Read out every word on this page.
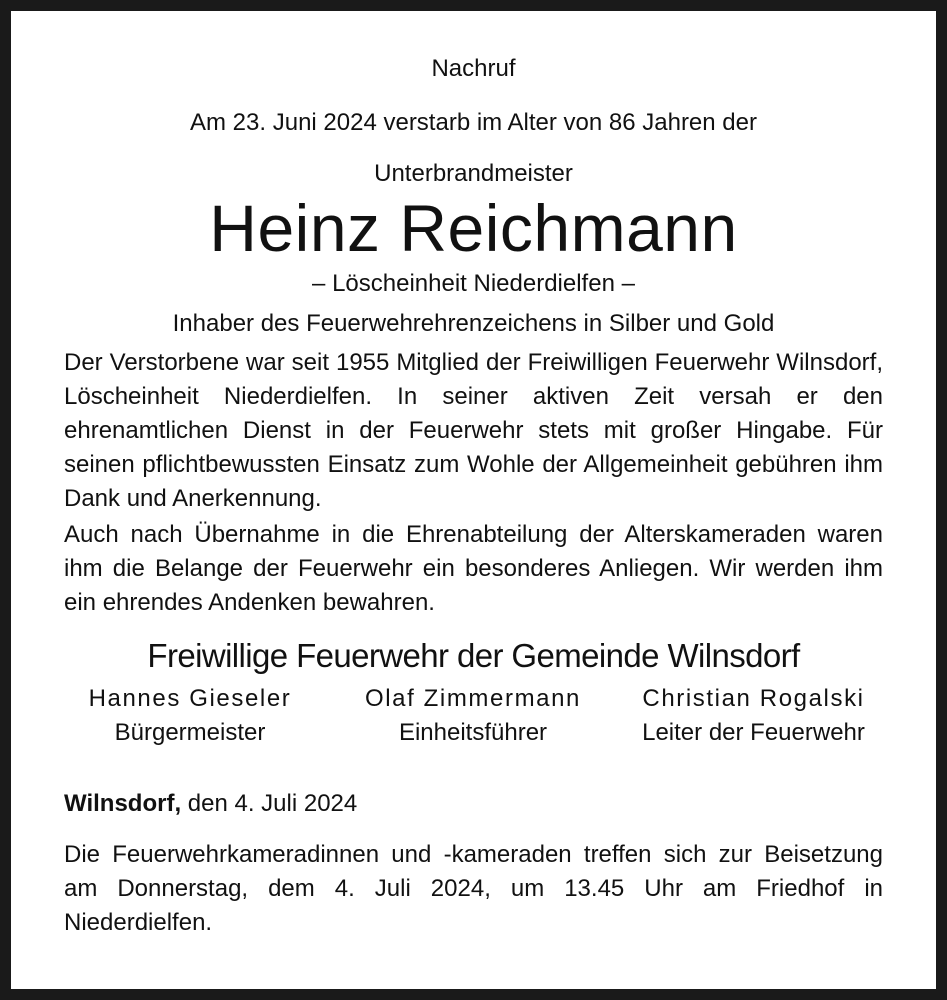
Nachruf
Am 23. Juni 2024 verstarb im Alter von 86 Jahren der
Unterbrandmeister
Heinz Reichmann
– Löscheinheit Niederdielfen –
Inhaber des Feuerwehrehrenzeichens in Silber und Gold
Der Verstorbene war seit 1955 Mitglied der Freiwilligen Feuerwehr Wilnsdorf, Löscheinheit Niederdielfen. In seiner aktiven Zeit versah er den ehrenamtlichen Dienst in der Feuerwehr stets mit großer Hingabe. Für seinen pflichtbewussten Einsatz zum Wohle der Allgemeinheit gebühren ihm Dank und Anerkennung.
Auch nach Übernahme in die Ehrenabteilung der Alterskameraden waren ihm die Belange der Feuerwehr ein besonderes Anliegen. Wir werden ihm ein ehrendes Andenken bewahren.
Freiwillige Feuerwehr der Gemeinde Wilnsdorf
Hannes Gieseler
Bürgermeister
Olaf Zimmermann
Einheitsführer
Christian Rogalski
Leiter der Feuerwehr
Wilnsdorf, den 4. Juli 2024
Die Feuerwehrkameradinnen und -kameraden treffen sich zur Beisetzung am Donnerstag, dem 4. Juli 2024, um 13.45 Uhr am Friedhof in Niederdielfen.
